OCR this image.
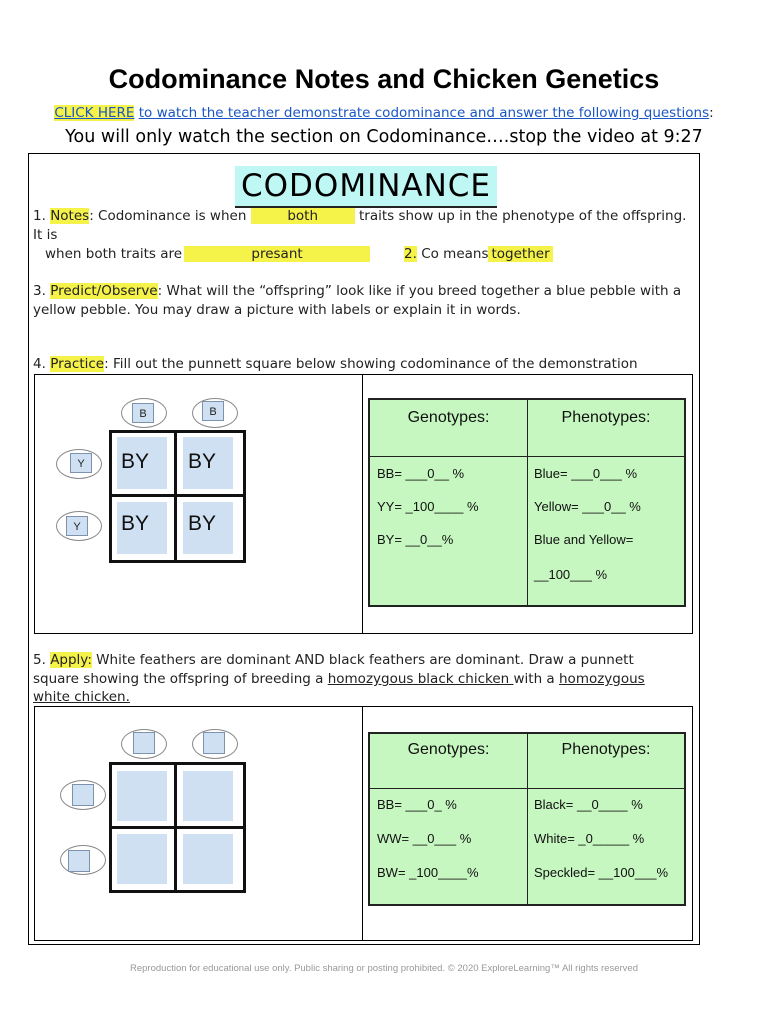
Codominance Notes and Chicken Genetics
CLICK HERE to watch the teacher demonstrate codominance and answer the following questions:
You will only watch the section on Codominance….stop the video at 9:27
CODOMINANCE
1. Notes: Codominance is when	both	traits show up in the phenotype of the offspring.
It is
when both traits are	presant	2. Co means together
3. Predict/Observe: What will the “offspring” look like if you breed together a blue pebble with a
yellow pebble. You may draw a picture with labels or explain it in words.
4. Practice: Fill out the punnett square below showing codominance of the demonstration
B	B
Y
Y
BY BY
BY BY
Genotypes:	Phenotypes:
BB= ___0__ %
YY= _100____ %
BY= __0__%
Blue= ___0___ %
Yellow= ___0__ %
Blue and Yellow=
__100___ %
5. Apply: White feathers are dominant AND black feathers are dominant. Draw a punnett
square showing the offspring of breeding a homozygous black chicken with a homozygous
white chicken.
Genotypes:	Phenotypes:
BB= ___0_ %
WW= __0___ %
BW= _100____%
Black= __0____ %
White= _0_____ %
Speckled= __100___%
Reproduction for educational use only. Public sharing or posting prohibited. © 2020 ExploreLearning™ All rights reserved
